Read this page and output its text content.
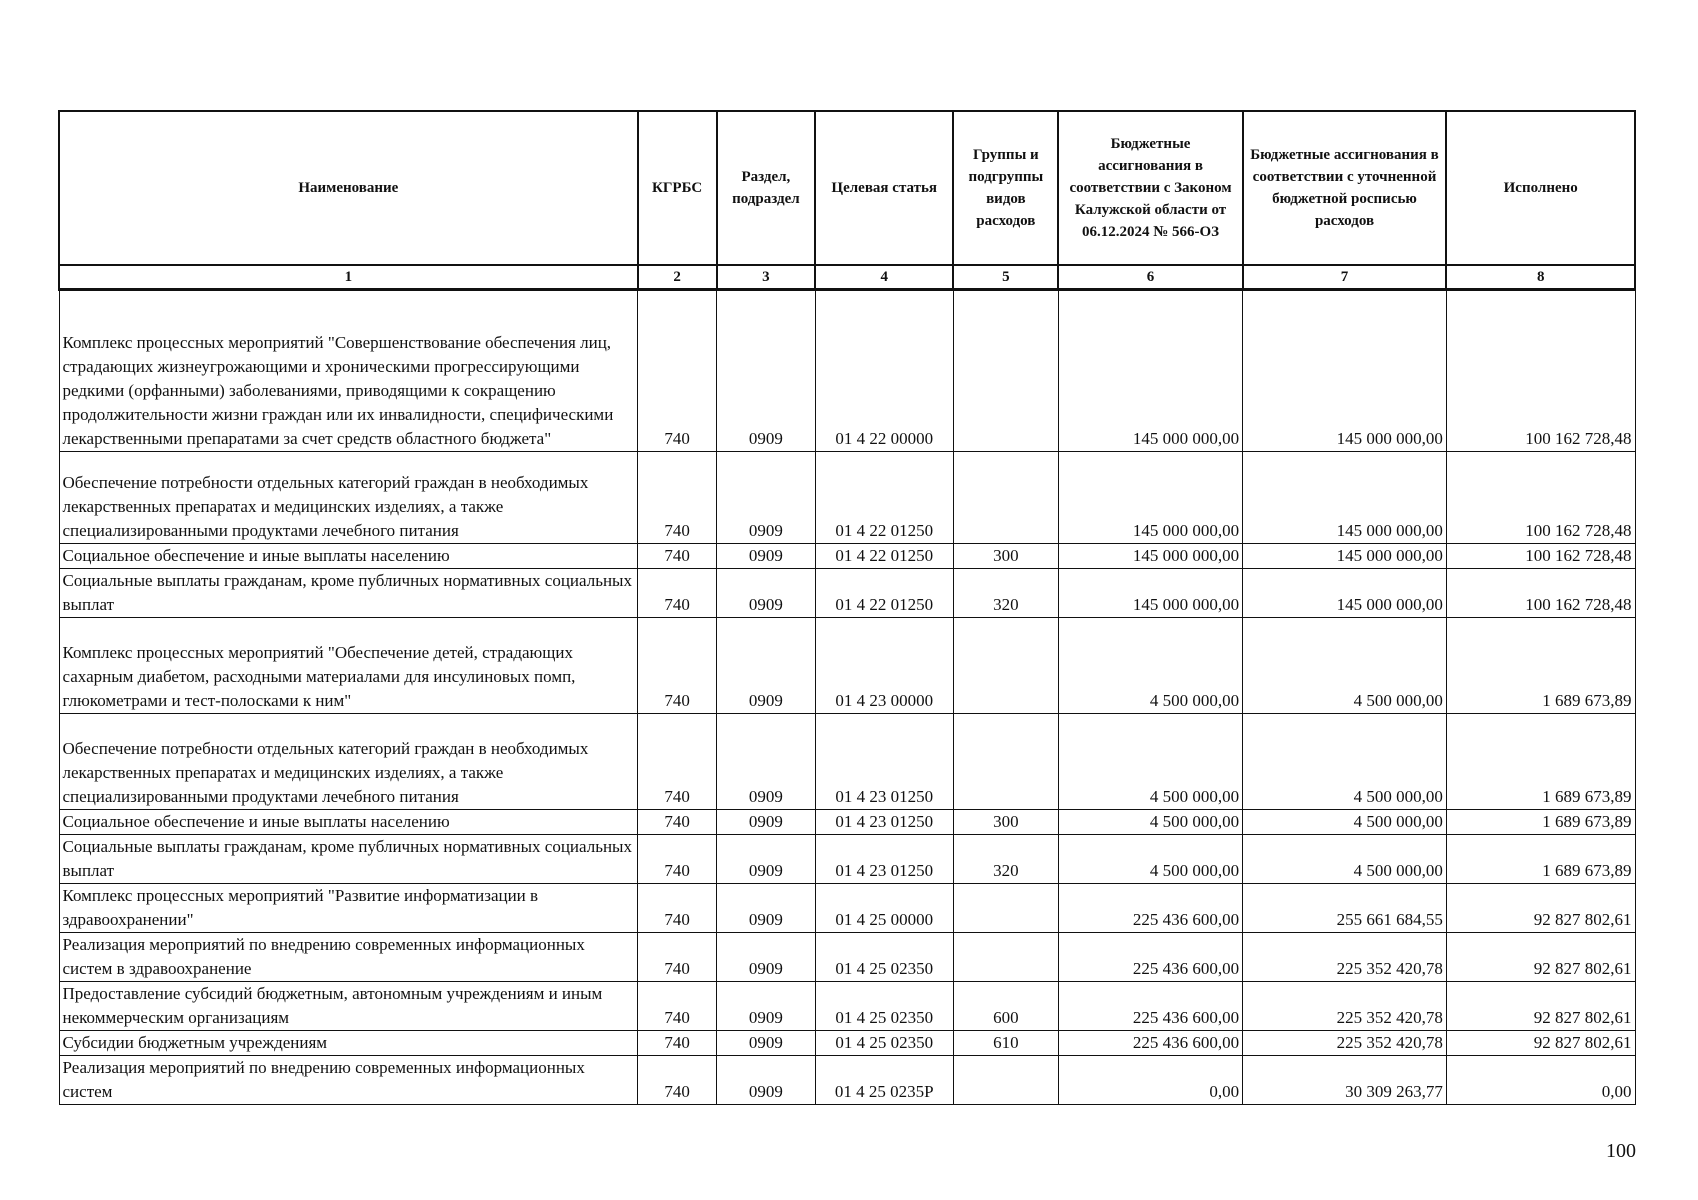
Наименование	КГРБС	Раздел, подраздел	Целевая статья	Группы и подгруппы видов расходов	Бюджетные ассигнования в соответствии с Законом Калужской области от 06.12.2024 № 566-ОЗ	Бюджетные ассигнования в соответствии с уточненной бюджетной росписью расходов	Исполнено
1	2	3	4	5	6	7	8
Комплекс процессных мероприятий "Совершенствование обеспечения лиц, страдающих жизнеугрожающими и хроническими прогрессирующими редкими (орфанными) заболеваниями, приводящими к сокращению продолжительности жизни граждан или их инвалидности, специфическими лекарственными препаратами за счет средств областного бюджета"	740	0909	01 4 22 00000		145 000 000,00	145 000 000,00	100 162 728,48
Обеспечение потребности отдельных категорий граждан в необходимых лекарственных препаратах и медицинских изделиях, а также специализированными продуктами лечебного питания	740	0909	01 4 22 01250		145 000 000,00	145 000 000,00	100 162 728,48
Социальное обеспечение и иные выплаты населению	740	0909	01 4 22 01250	300	145 000 000,00	145 000 000,00	100 162 728,48
Социальные выплаты гражданам, кроме публичных нормативных социальных выплат	740	0909	01 4 22 01250	320	145 000 000,00	145 000 000,00	100 162 728,48
Комплекс процессных мероприятий "Обеспечение детей, страдающих сахарным диабетом, расходными материалами для инсулиновых помп, глюкометрами и тест-полосками к ним"	740	0909	01 4 23 00000		4 500 000,00	4 500 000,00	1 689 673,89
Обеспечение потребности отдельных категорий граждан в необходимых лекарственных препаратах и медицинских изделиях, а также специализированными продуктами лечебного питания	740	0909	01 4 23 01250		4 500 000,00	4 500 000,00	1 689 673,89
Социальное обеспечение и иные выплаты населению	740	0909	01 4 23 01250	300	4 500 000,00	4 500 000,00	1 689 673,89
Социальные выплаты гражданам, кроме публичных нормативных социальных выплат	740	0909	01 4 23 01250	320	4 500 000,00	4 500 000,00	1 689 673,89
Комплекс процессных мероприятий "Развитие информатизации в здравоохранении"	740	0909	01 4 25 00000		225 436 600,00	255 661 684,55	92 827 802,61
Реализация мероприятий по внедрению современных информационных систем в здравоохранение	740	0909	01 4 25 02350		225 436 600,00	225 352 420,78	92 827 802,61
Предоставление субсидий бюджетным, автономным учреждениям и иным некоммерческим организациям	740	0909	01 4 25 02350	600	225 436 600,00	225 352 420,78	92 827 802,61
Субсидии бюджетным учреждениям	740	0909	01 4 25 02350	610	225 436 600,00	225 352 420,78	92 827 802,61
Реализация мероприятий по внедрению современных информационных систем	740	0909	01 4 25 0235Р		0,00	30 309 263,77	0,00
100
